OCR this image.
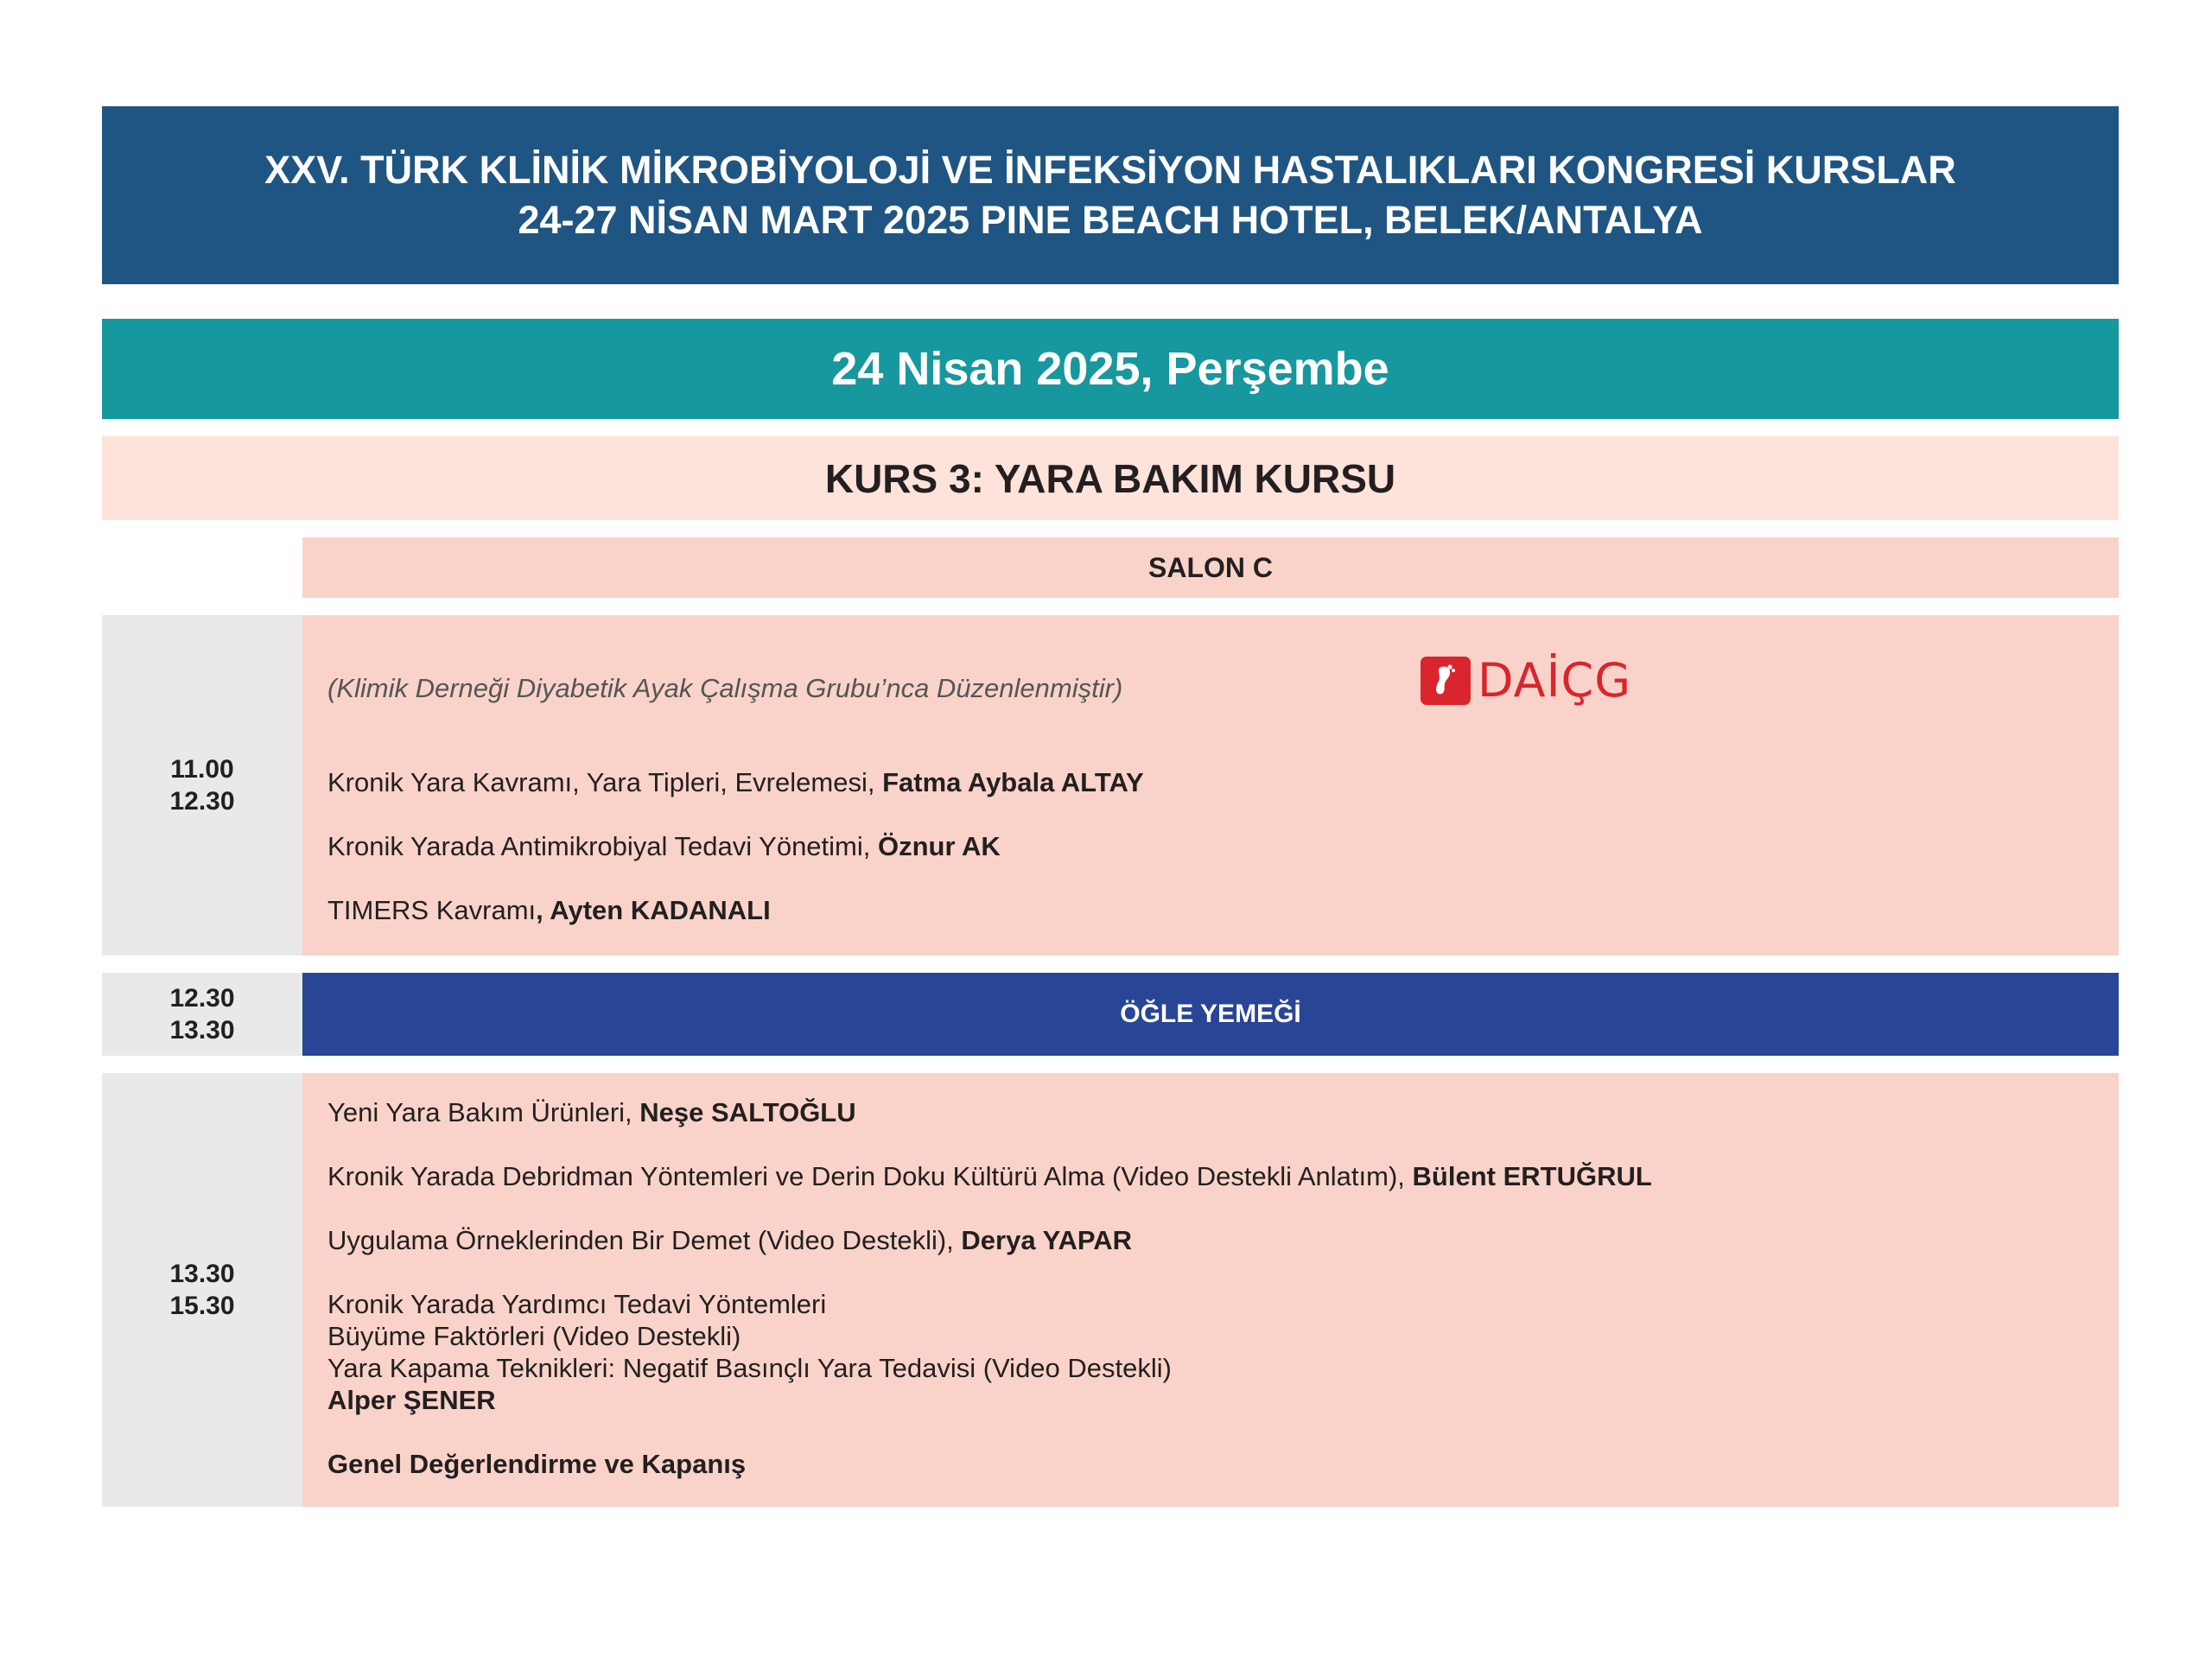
XXV. TÜRK KLİNİK MİKROBİYOLOJİ VE İNFEKSİYON HASTALIKLARI KONGRESİ KURSLAR
24-27 NİSAN MART 2025 PINE BEACH HOTEL, BELEK/ANTALYA
24 Nisan 2025, Perşembe
KURS 3: YARA BAKIM KURSU
SALON C
11.00
12.30
(Klimik Derneği Diyabetik Ayak Çalışma Grubu’nca Düzenlenmiştir)	DAİÇG
Kronik Yara Kavramı, Yara Tipleri, Evrelemesi, Fatma Aybala ALTAY
Kronik Yarada Antimikrobiyal Tedavi Yönetimi, Öznur AK
TIMERS Kavramı, Ayten KADANALI
12.30
13.30
ÖĞLE YEMEĞİ
13.30
15.30
Yeni Yara Bakım Ürünleri, Neşe SALTOĞLU
Kronik Yarada Debridman Yöntemleri ve Derin Doku Kültürü Alma (Video Destekli Anlatım), Bülent ERTUĞRUL
Uygulama Örneklerinden Bir Demet (Video Destekli), Derya YAPAR
Kronik Yarada Yardımcı Tedavi Yöntemleri
Büyüme Faktörleri (Video Destekli)
Yara Kapama Teknikleri: Negatif Basınçlı Yara Tedavisi (Video Destekli)
Alper ŞENER
Genel Değerlendirme ve Kapanış
